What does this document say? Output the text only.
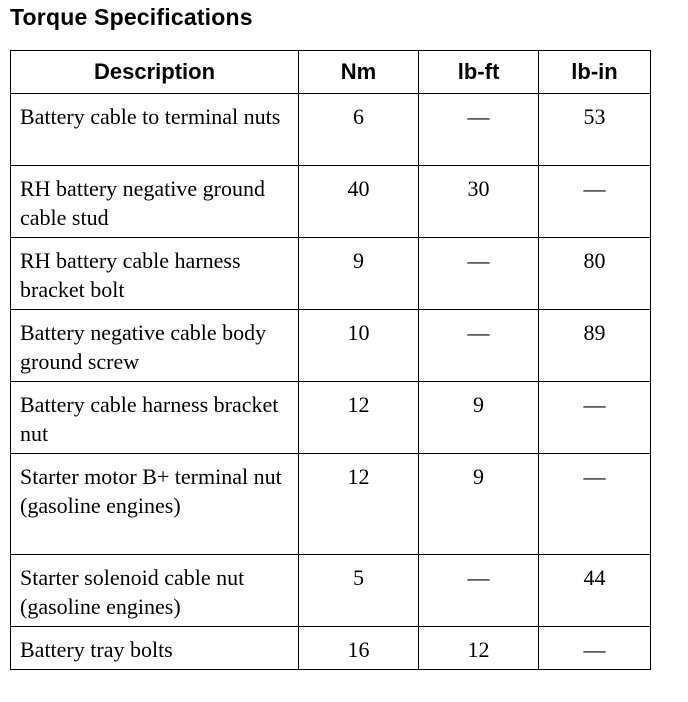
Torque Specifications
Description	Nm	lb-ft	lb-in
Battery cable to terminal nuts	6	—	53
RH battery negative ground cable stud	40	30	—
RH battery cable harness bracket bolt	9	—	80
Battery negative cable body ground screw	10	—	89
Battery cable harness bracket nut	12	9	—
Starter motor B+ terminal nut (gasoline engines)	12	9	—
Starter solenoid cable nut (gasoline engines)	5	—	44
Battery tray bolts	16	12	—
